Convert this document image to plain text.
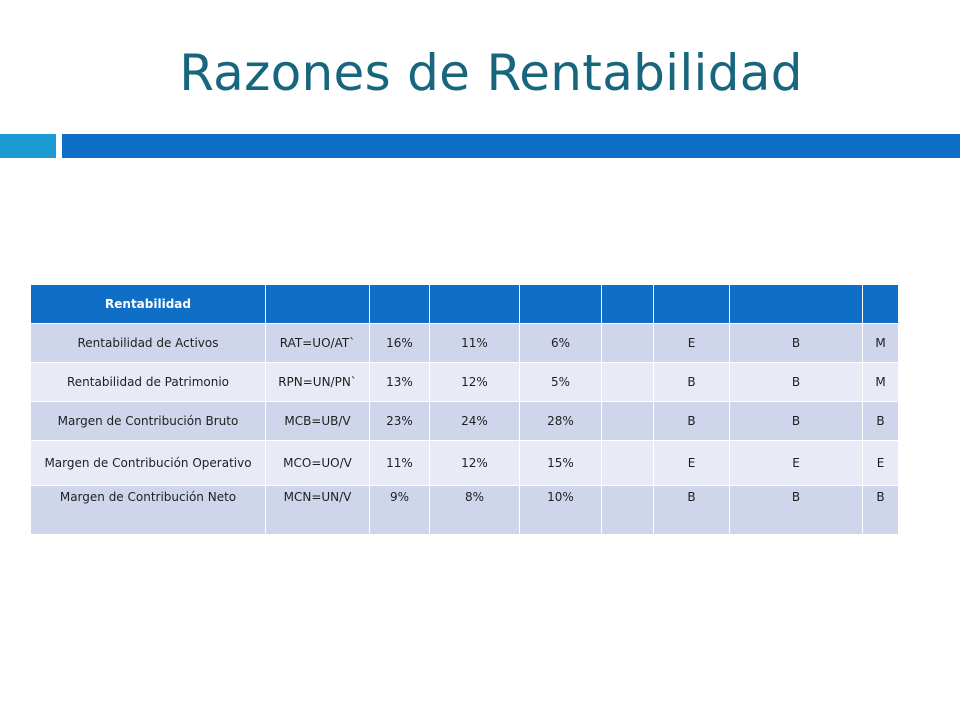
Razones de Rentabilidad
Rentabilidad								
Rentabilidad de Activos	RAT=UO/AT`	16%	11%	6%		E	B	M
Rentabilidad de Patrimonio	RPN=UN/PN`	13%	12%	5%		B	B	M
Margen de Contribución Bruto	MCB=UB/V	23%	24%	28%		B	B	B
Margen de Contribución Operativo	MCO=UO/V	11%	12%	15%		E	E	E
Margen de Contribución Neto	MCN=UN/V	9%	8%	10%		B	B	B
